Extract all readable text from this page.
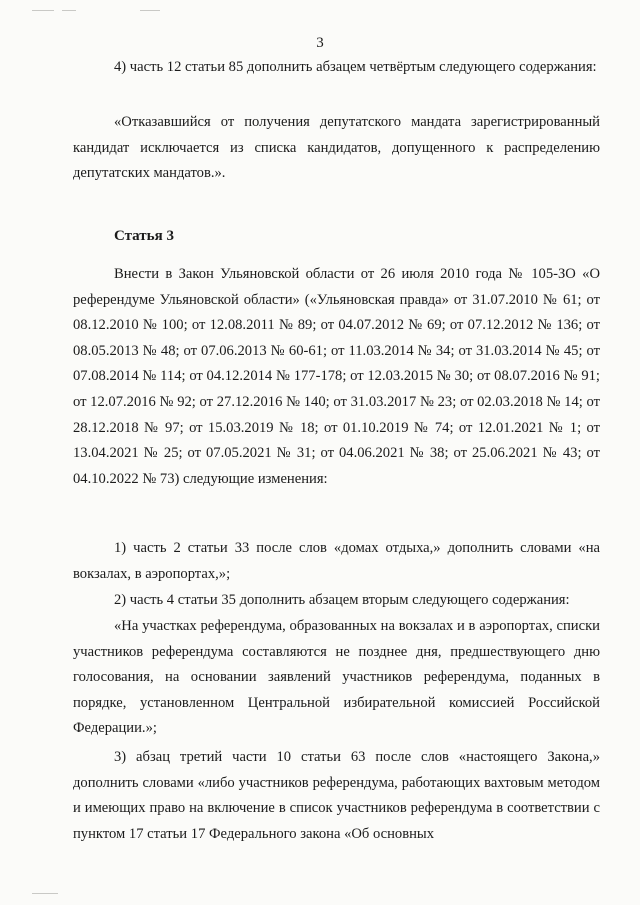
3

4) часть 12 статьи 85 дополнить абзацем четвёртым следующего содержания:

«Отказавшийся от получения депутатского мандата зарегистрированный кандидат исключается из списка кандидатов, допущенного к распределению депутатских мандатов.».

Статья 3

Внести в Закон Ульяновской области от 26 июля 2010 года № 105-ЗО «О референдуме Ульяновской области» («Ульяновская правда» от 31.07.2010 № 61; от 08.12.2010 № 100; от 12.08.2011 № 89; от 04.07.2012 № 69; от 07.12.2012 № 136; от 08.05.2013 № 48; от 07.06.2013 № 60-61; от 11.03.2014 № 34; от 31.03.2014 № 45; от 07.08.2014 № 114; от 04.12.2014 № 177-178; от 12.03.2015 № 30; от 08.07.2016 № 91; от 12.07.2016 № 92; от 27.12.2016 № 140; от 31.03.2017 № 23; от 02.03.2018 № 14; от 28.12.2018 № 97; от 15.03.2019 № 18; от 01.10.2019 № 74; от 12.01.2021 № 1; от 13.04.2021 № 25; от 07.05.2021 № 31; от 04.06.2021 № 38; от 25.06.2021 № 43; от 04.10.2022 № 73) следующие изменения:

1) часть 2 статьи 33 после слов «домах отдыха,» дополнить словами «на вокзалах, в аэропортах,»;

2) часть 4 статьи 35 дополнить абзацем вторым следующего содержания:

«На участках референдума, образованных на вокзалах и в аэропортах, списки участников референдума составляются не позднее дня, предшествующего дню голосования, на основании заявлений участников референдума, поданных в порядке, установленном Центральной избирательной комиссией Российской Федерации.»;

3) абзац третий части 10 статьи 63 после слов «настоящего Закона,» дополнить словами «либо участников референдума, работающих вахтовым методом и имеющих право на включение в список участников референдума в соответствии с пунктом 17 статьи 17 Федерального закона «Об основных
